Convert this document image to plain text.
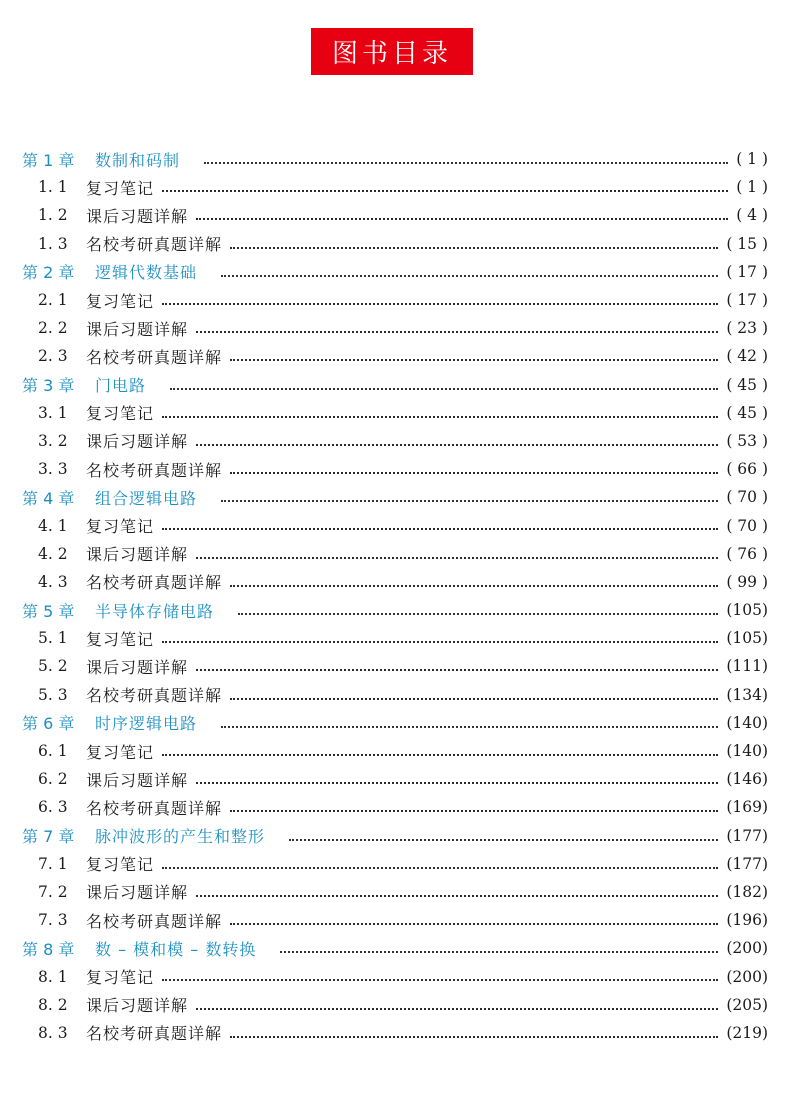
图书目录
第 1 章	数制和码制	( 1 )
1. 1	复习笔记	( 1 )
1. 2	课后习题详解	( 4 )
1. 3	名校考研真题详解	( 15 )
第 2 章	逻辑代数基础	( 17 )
2. 1	复习笔记	( 17 )
2. 2	课后习题详解	( 23 )
2. 3	名校考研真题详解	( 42 )
第 3 章	门电路	( 45 )
3. 1	复习笔记	( 45 )
3. 2	课后习题详解	( 53 )
3. 3	名校考研真题详解	( 66 )
第 4 章	组合逻辑电路	( 70 )
4. 1	复习笔记	( 70 )
4. 2	课后习题详解	( 76 )
4. 3	名校考研真题详解	( 99 )
第 5 章	半导体存储电路	(105)
5. 1	复习笔记	(105)
5. 2	课后习题详解	(111)
5. 3	名校考研真题详解	(134)
第 6 章	时序逻辑电路	(140)
6. 1	复习笔记	(140)
6. 2	课后习题详解	(146)
6. 3	名校考研真题详解	(169)
第 7 章	脉冲波形的产生和整形	(177)
7. 1	复习笔记	(177)
7. 2	课后习题详解	(182)
7. 3	名校考研真题详解	(196)
第 8 章	数 – 模和模 – 数转换	(200)
8. 1	复习笔记	(200)
8. 2	课后习题详解	(205)
8. 3	名校考研真题详解	(219)
